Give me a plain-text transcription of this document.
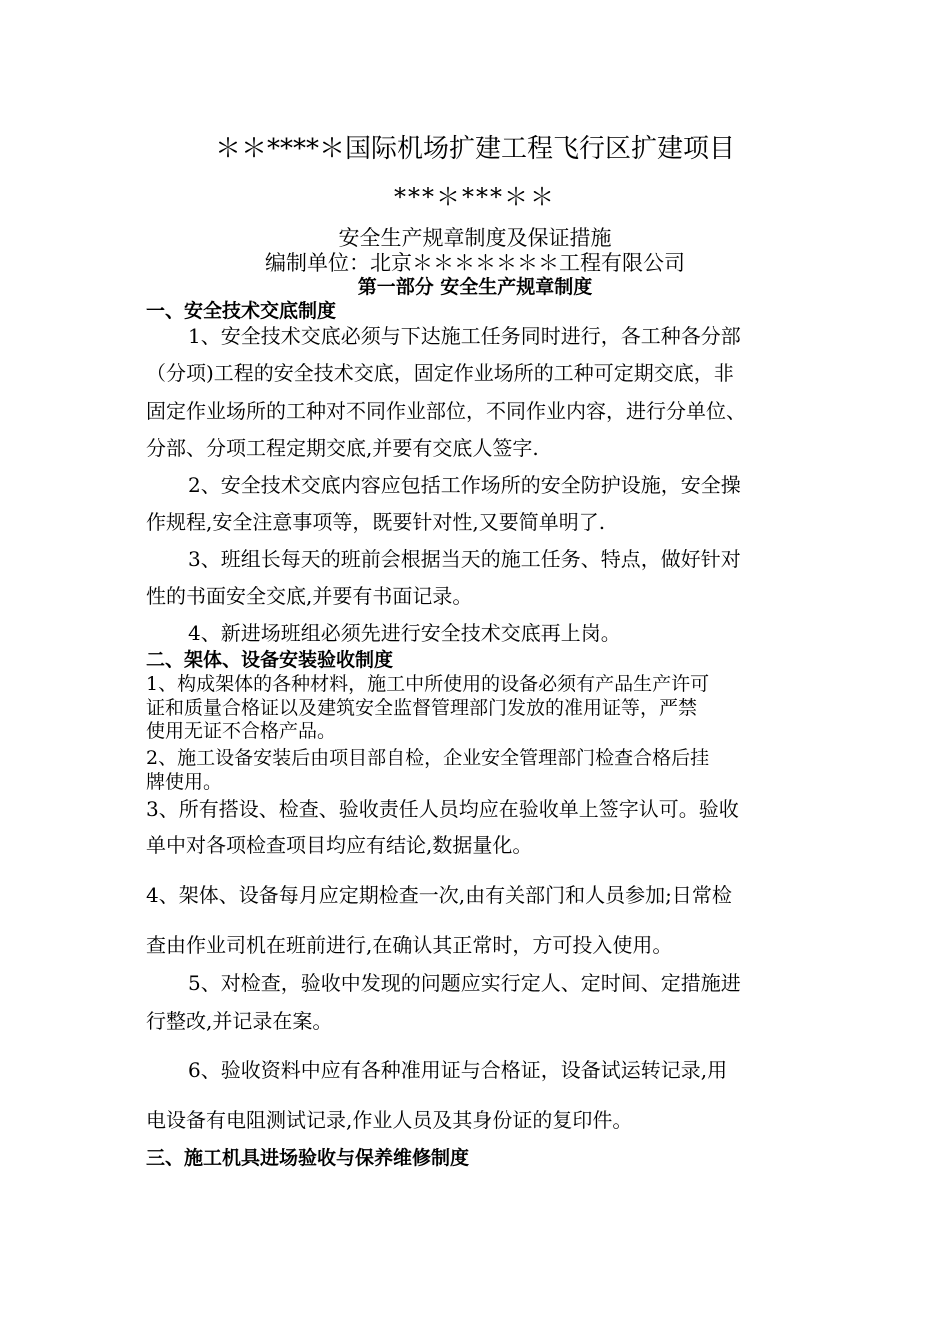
＊＊****＊国际机场扩建工程飞行区扩建项目
***＊***＊＊
安全生产规章制度及保证措施
编制单位：北京＊＊＊＊＊＊＊工程有限公司
第一部分 安全生产规章制度
一、安全技术交底制度
1、安全技术交底必须与下达施工任务同时进行，各工种各分部
（分项)工程的安全技术交底，固定作业场所的工种可定期交底，非
固定作业场所的工种对不同作业部位，不同作业内容，进行分单位、
分部、分项工程定期交底,并要有交底人签字.
2、安全技术交底内容应包括工作场所的安全防护设施，安全操
作规程,安全注意事项等，既要针对性,又要简单明了.
3、班组长每天的班前会根据当天的施工任务、特点，做好针对
性的书面安全交底,并要有书面记录。
4、新进场班组必须先进行安全技术交底再上岗。
二、架体、设备安装验收制度
1、构成架体的各种材料，施工中所使用的设备必须有产品生产许可
证和质量合格证以及建筑安全监督管理部门发放的准用证等，严禁
使用无证不合格产品。
2、施工设备安装后由项目部自检，企业安全管理部门检查合格后挂
牌使用。
3、所有搭设、检查、验收责任人员均应在验收单上签字认可。验收
单中对各项检查项目均应有结论,数据量化。
4、架体、设备每月应定期检查一次,由有关部门和人员参加;日常检
查由作业司机在班前进行,在确认其正常时，方可投入使用。
5、对检查，验收中发现的问题应实行定人、定时间、定措施进
行整改,并记录在案。
6、验收资料中应有各种准用证与合格证，设备试运转记录,用
电设备有电阻测试记录,作业人员及其身份证的复印件。
三、施工机具进场验收与保养维修制度
